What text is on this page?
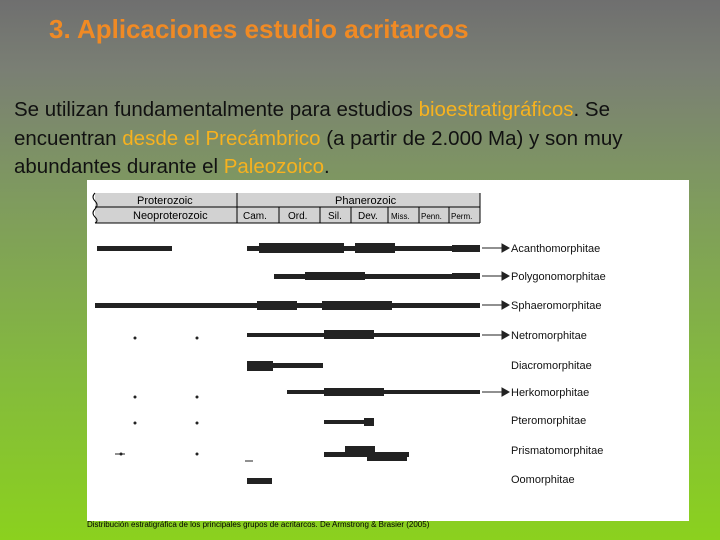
3. Aplicaciones estudio acritarcos
Se utilizan fundamentalmente para estudios bioestratigráficos. Se encuentran desde el Precámbrico (a partir de 2.000 Ma) y son muy abundantes durante el Paleozoico.
Proterozoic	Phanerozoic
Neoproterozoic	Cam. Ord. Sil. Dev. Miss. Penn. Perm.
Acanthomorphitae
Polygonomorphitae
Sphaeromorphitae
Netromorphitae
Diacromorphitae
Herkomorphitae
Pteromorphitae
Prismatomorphitae
Oomorphitae
Distribución estratigráfica de los principales grupos de acritarcos. De Armstrong & Brasier (2005)
